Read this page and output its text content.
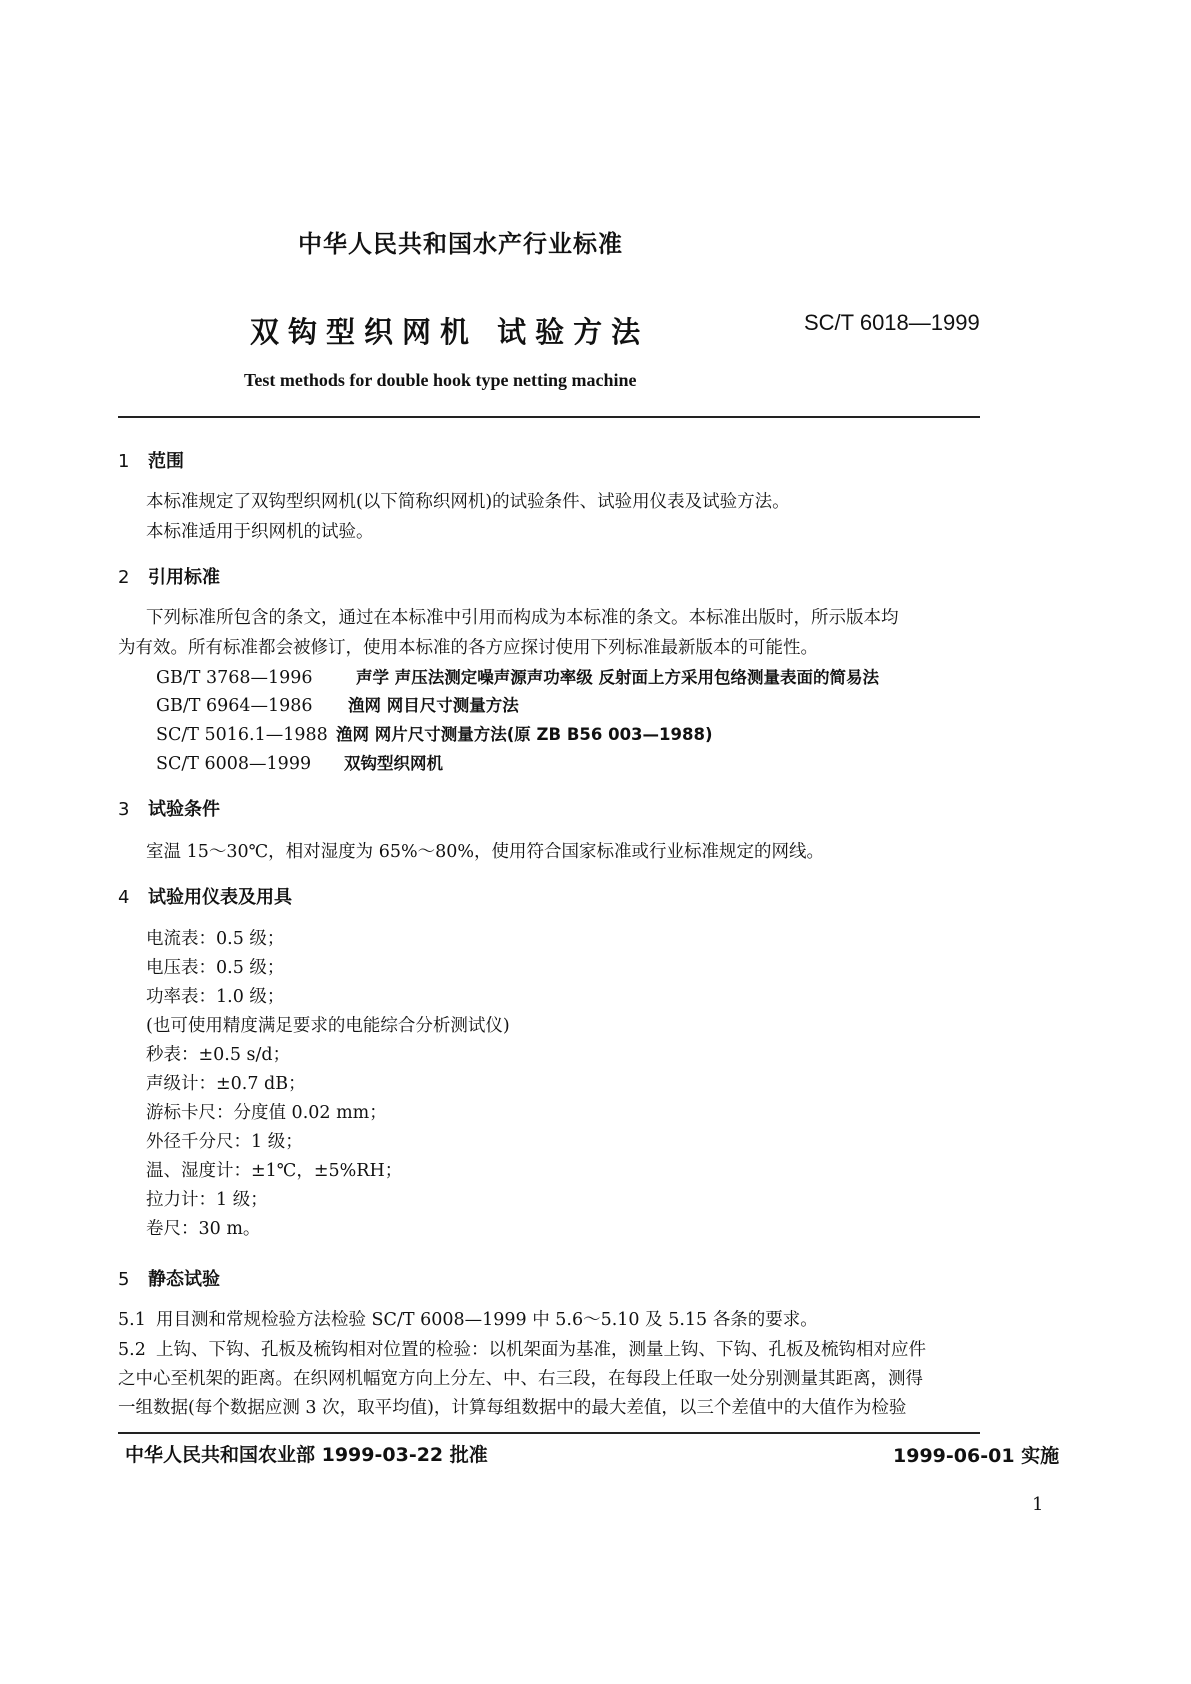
中华人民共和国水产行业标准
双钩型织网机 试验方法	SC/T 6018—1999
Test methods for double hook type netting machine
1 范围
本标准规定了双钩型织网机(以下简称织网机)的试验条件、试验用仪表及试验方法。
本标准适用于织网机的试验。
2 引用标准
下列标准所包含的条文，通过在本标准中引用而构成为本标准的条文。本标准出版时，所示版本均
为有效。所有标准都会被修订，使用本标准的各方应探讨使用下列标准最新版本的可能性。
GB/T 3768—1996	声学 声压法测定噪声源声功率级 反射面上方采用包络测量表面的简易法
GB/T 6964—1986 渔网 网目尺寸测量方法
SC/T 5016.1—1988 渔网 网片尺寸测量方法(原 ZB B56 003—1988)
SC/T 6008—1999 双钩型织网机
3 试验条件
室温 15～30℃，相对湿度为 65%～80%，使用符合国家标准或行业标准规定的网线。
4 试验用仪表及用具
电流表：0.5 级；
电压表：0.5 级；
功率表：1.0 级；
(也可使用精度满足要求的电能综合分析测试仪)
秒表：±0.5 s/d；
声级计：±0.7 dB；
游标卡尺：分度值 0.02 mm；
外径千分尺：1 级；
温、湿度计：±1℃，±5%RH；
拉力计：1 级；
卷尺：30 m。
5 静态试验
5.1 用目测和常规检验方法检验 SC/T 6008—1999 中 5.6～5.10 及 5.15 各条的要求。
5.2 上钩、下钩、孔板及梳钩相对位置的检验：以机架面为基准，测量上钩、下钩、孔板及梳钩相对应件
之中心至机架的距离。在织网机幅宽方向上分左、中、右三段，在每段上任取一处分别测量其距离，测得
一组数据(每个数据应测 3 次，取平均值)，计算每组数据中的最大差值，以三个差值中的大值作为检验
中华人民共和国农业部 1999-03-22 批准	1999-06-01 实施
1
